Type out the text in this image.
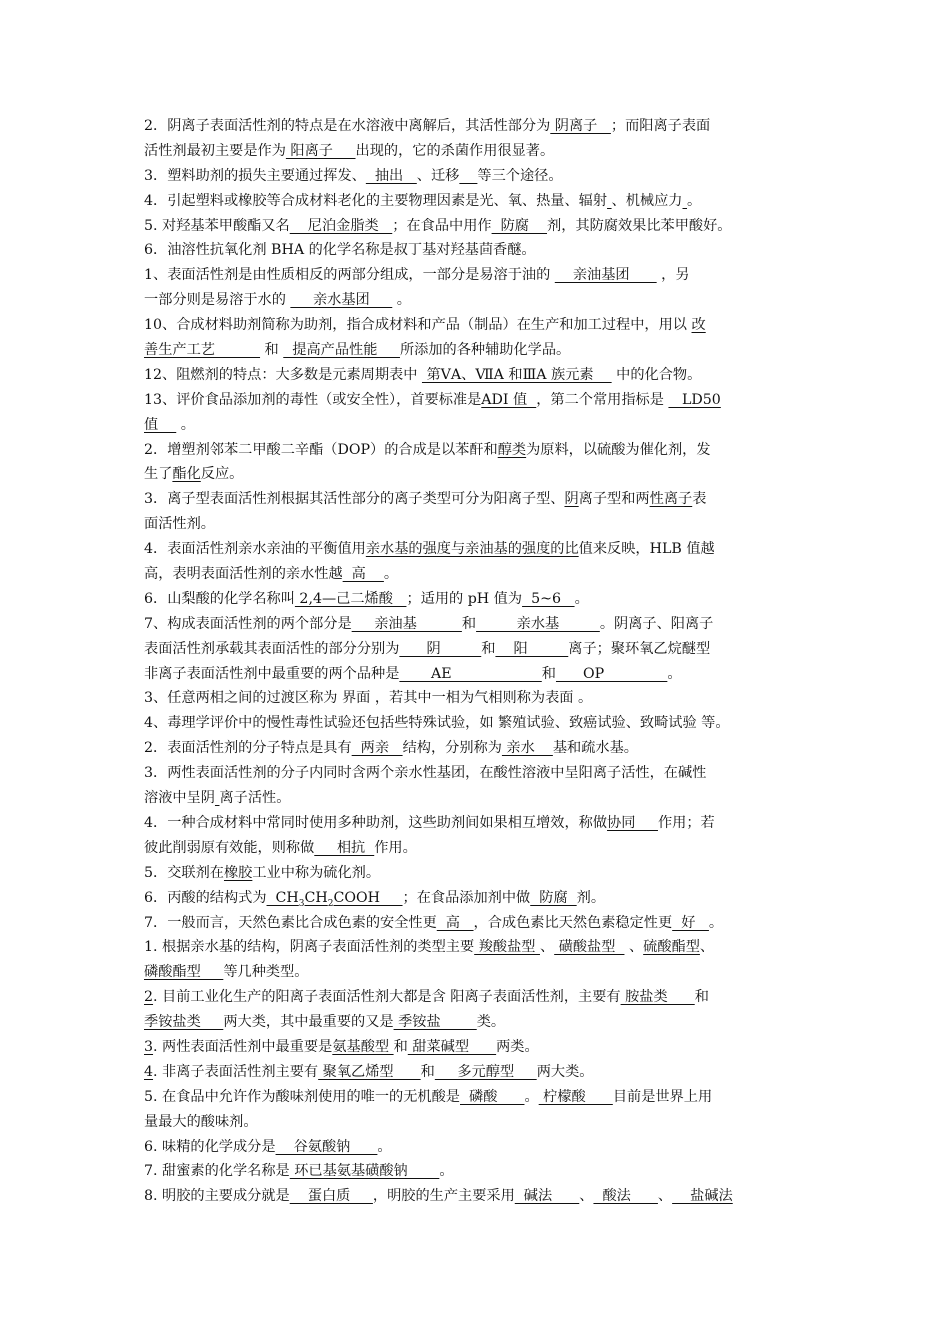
2．阴离子表面活性剂的特点是在水溶液中离解后，其活性部分为 阴离子   ；而阳离子表面
活性剂最初主要是作为 阳离子     出现的，它的杀菌作用很显著。
3．塑料助剂的损失主要通过挥发、  抽出   、迁移 等三个途径。
4．引起塑料或橡胶等合成材料老化的主要物理因素是光、氧、热量、辐射 、机械应力 。
5. 对羟基苯甲酸酯又名    尼泊金脂类   ；在食品中用作  防腐    剂，其防腐效果比苯甲酸好。
6．油溶性抗氧化剂 BHA 的化学名称是叔丁基对羟基茴香醚。
1、表面活性剂是由性质相反的两部分组成，一部分是易溶于油的     亲油基团       ，另
一部分则是易溶于水的      亲水基团      。
10、合成材料助剂简称为助剂，指合成材料和产品（制品）在生产和加工过程中，用以 改
善生产工艺           和   提高产品性能     所添加的各种辅助化学品。
12、阻燃剂的特点：大多数是元素周期表中  第ⅤA、ⅦA 和ⅢA 族元素     中的化合物。
13、评价食品添加剂的毒性（或安全性），首要标准是ADI 值  ，第二个常用指标是    LD50
值     。
2．增塑剂邻苯二甲酸二辛酯（DOP）的合成是以苯酐和醇类为原料，以硫酸为催化剂，发
生了酯化反应。
3．离子型表面活性剂根据其活性部分的离子类型可分为阳离子型、阴离子型和两性离子表
面活性剂。
4．表面活性剂亲水亲油的平衡值用亲水基的强度与亲油基的强度的比值来反映，HLB 值越
高，表明表面活性剂的亲水性越  高    。
6．山梨酸的化学名称叫 2,4—己二烯酸   ；适用的 pH 值为  5~6   。
7、构成表面活性剂的两个部分是     亲油基          和         亲水基         。阴离子、阳离子
表面活性剂承载其表面活性的部分分别为      阴         和    阳         离子；聚环氧乙烷醚型
非离子表面活性剂中最重要的两个品种是       AE                    和      OP              。
3、任意两相之间的过渡区称为 界面 ，若其中一相为气相则称为表面 。
4、毒理学评价中的慢性毒性试验还包括些特殊试验，如 繁殖试验、致癌试验、致畸试验 等。
2．表面活性剂的分子特点是具有  两亲   结构，分别称为 亲水    基和疏水基。
3．两性表面活性剂的分子内同时含两个亲水性基团，在酸性溶液中呈阳离子活性，在碱性
溶液中呈阴 离子活性。
4．一种合成材料中常同时使用多种助剂，这些助剂间如果相互增效，称做协同     作用；若
彼此削弱原有效能，则称做     相抗  作用。
5．交联剂在橡胶工业中称为硫化剂。
6．丙酸的结构式为  $CH_3CH_2COOH$     ；在食品添加剂中做  防腐  剂。
7．一般而言，天然色素比合成色素的安全性更  高   ，合成色素比天然色素稳定性更  好   。
1. 根据亲水基的结构，阴离子表面活性剂的类型主要 羧酸盐型 、 磺酸盐型   、硫酸酯型、
磷酸酯型     等几种类型。
2. 目前工业化生产的阳离子表面活性剂大都是含 阳离子表面活性剂，主要有 胺盐类      和
季铵盐类     两大类，其中最重要的又是 季铵盐        类。
3. 两性表面活性剂中最重要是氨基酸型 和 甜菜碱型      两类。
4. 非离子表面活性剂主要有 聚氧乙烯型      和     多元醇型     两大类。
5. 在食品中允许作为酸味剂使用的唯一的无机酸是  磷酸      。 柠檬酸      目前是世界上用
量最大的酸味剂。
6. 味精的化学成分是    谷氨酸钠      。
7. 甜蜜素的化学名称是 环已基氨基磺酸钠       。
8. 明胶的主要成分就是    蛋白质     ，明胶的生产主要采用  碱法      、  酸法      、    盐碱法
